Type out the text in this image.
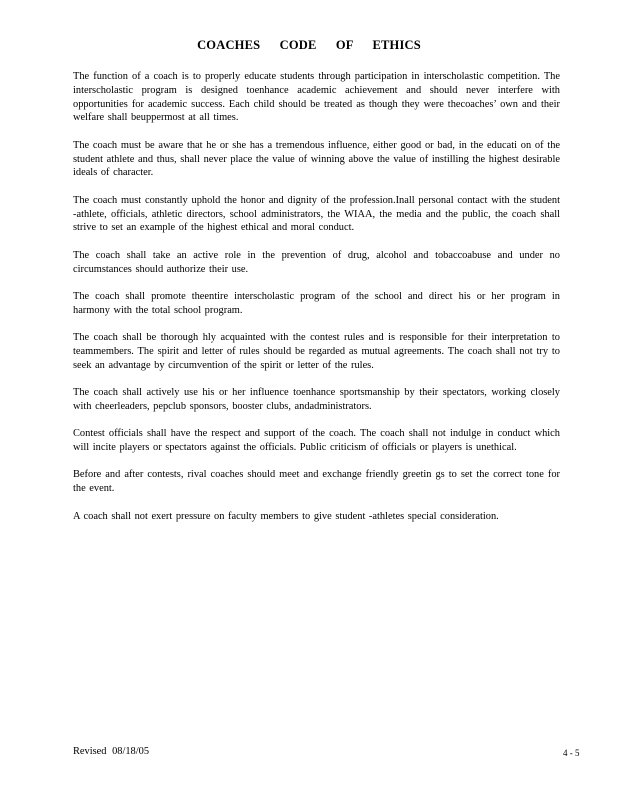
COACHES CODE OF ETHICS

The function of a coach is to properly educate students through participation in interscholastic competition. The interscholastic program is designed toenhance academic achievement and should never interfere with opportunities for academic success. Each child should be treated as though they were thecoaches’ own and their welfare shall beuppermost at all times.

The coach must be aware that he or she has a tremendous influence, either good or bad, in the educati on of the student athlete and thus, shall never place the value of winning above the value of instilling the highest desirable ideals of character.

The coach must constantly uphold the honor and dignity of the profession.Inall personal contact with the student -athlete, officials, athletic directors, school administrators, the WIAA, the media and the public, the coach shall strive to set an example of the highest ethical and moral conduct.

The coach shall take an active role in the prevention of drug, alcohol and tobaccoabuse and under no circumstances should authorize their use.

The coach shall promote theentire interscholastic program of the school and direct his or her program in harmony with the total school program.

The coach shall be thorough hly acquainted with the contest rules and is responsible for their interpretation to teammembers. The spirit and letter of rules should be regarded as mutual agreements. The coach shall not try to seek an advantage by circumvention of the spirit or letter of the rules.

The coach shall actively use his or her influence toenhance sportsmanship by their spectators, working closely with cheerleaders, pepclub sponsors, booster clubs, andadministrators.

Contest officials shall have the respect and support of the coach. The coach shall not indulge in conduct which will incite players or spectators against the officials. Public criticism of officials or players is unethical.

Before and after contests, rival coaches should meet and exchange friendly greetin gs to set the correct tone for the event.

A coach shall not exert pressure on faculty members to give student -athletes special consideration.

Revised 08/18/05	4 - 5
